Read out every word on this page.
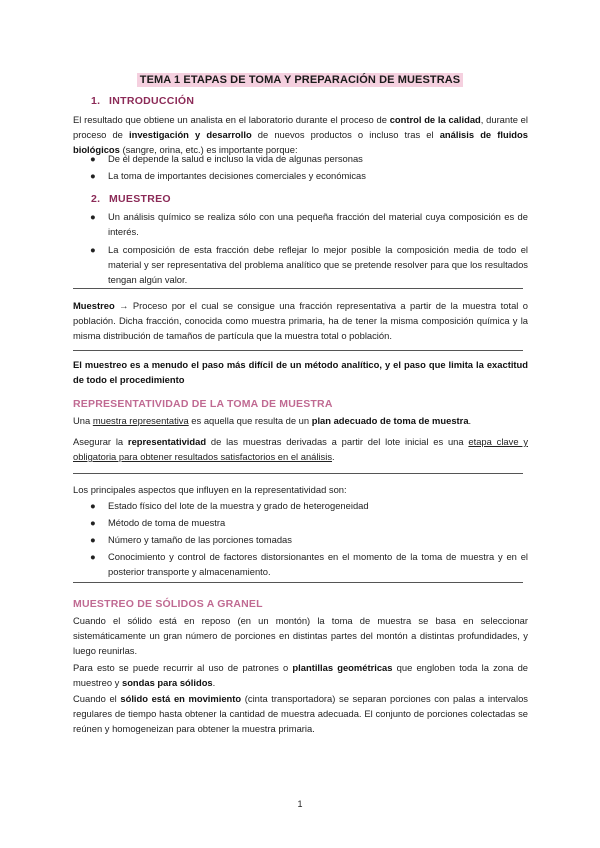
TEMA 1 ETAPAS DE TOMA Y PREPARACIÓN DE MUESTRAS
1. INTRODUCCIÓN
El resultado que obtiene un analista en el laboratorio durante el proceso de control de la calidad, durante el proceso de investigación y desarrollo de nuevos productos o incluso tras el análisis de fluidos biológicos (sangre, orina, etc.) es importante porque:
● De él depende la salud e incluso la vida de algunas personas
● La toma de importantes decisiones comerciales y económicas
2. MUESTREO
● Un análisis químico se realiza sólo con una pequeña fracción del material cuya composición es de interés.
● La composición de esta fracción debe reflejar lo mejor posible la composición media de todo el material y ser representativa del problema analítico que se pretende resolver para que los resultados tengan algún valor.
Muestreo → Proceso por el cual se consigue una fracción representativa a partir de la muestra total o población. Dicha fracción, conocida como muestra primaria, ha de tener la misma composición química y la misma distribución de tamaños de partícula que la muestra total o población.
El muestreo es a menudo el paso más difícil de un método analítico, y el paso que limita la exactitud de todo el procedimiento
REPRESENTATIVIDAD DE LA TOMA DE MUESTRA
Una muestra representativa es aquella que resulta de un plan adecuado de toma de muestra.
Asegurar la representatividad de las muestras derivadas a partir del lote inicial es una etapa clave y obligatoria para obtener resultados satisfactorios en el análisis.
Los principales aspectos que influyen en la representatividad son:
● Estado físico del lote de la muestra y grado de heterogeneidad
● Método de toma de muestra
● Número y tamaño de las porciones tomadas
● Conocimiento y control de factores distorsionantes en el momento de la toma de muestra y en el posterior transporte y almacenamiento.
MUESTREO DE SÓLIDOS A GRANEL
Cuando el sólido está en reposo (en un montón) la toma de muestra se basa en seleccionar sistemáticamente un gran número de porciones en distintas partes del montón a distintas profundidades, y luego reunirlas.
Para esto se puede recurrir al uso de patrones o plantillas geométricas que engloben toda la zona de muestreo y sondas para sólidos.
Cuando el sólido está en movimiento (cinta transportadora) se separan porciones con palas a intervalos regulares de tiempo hasta obtener la cantidad de muestra adecuada. El conjunto de porciones colectadas se reúnen y homogeneizan para obtener la muestra primaria.
1
